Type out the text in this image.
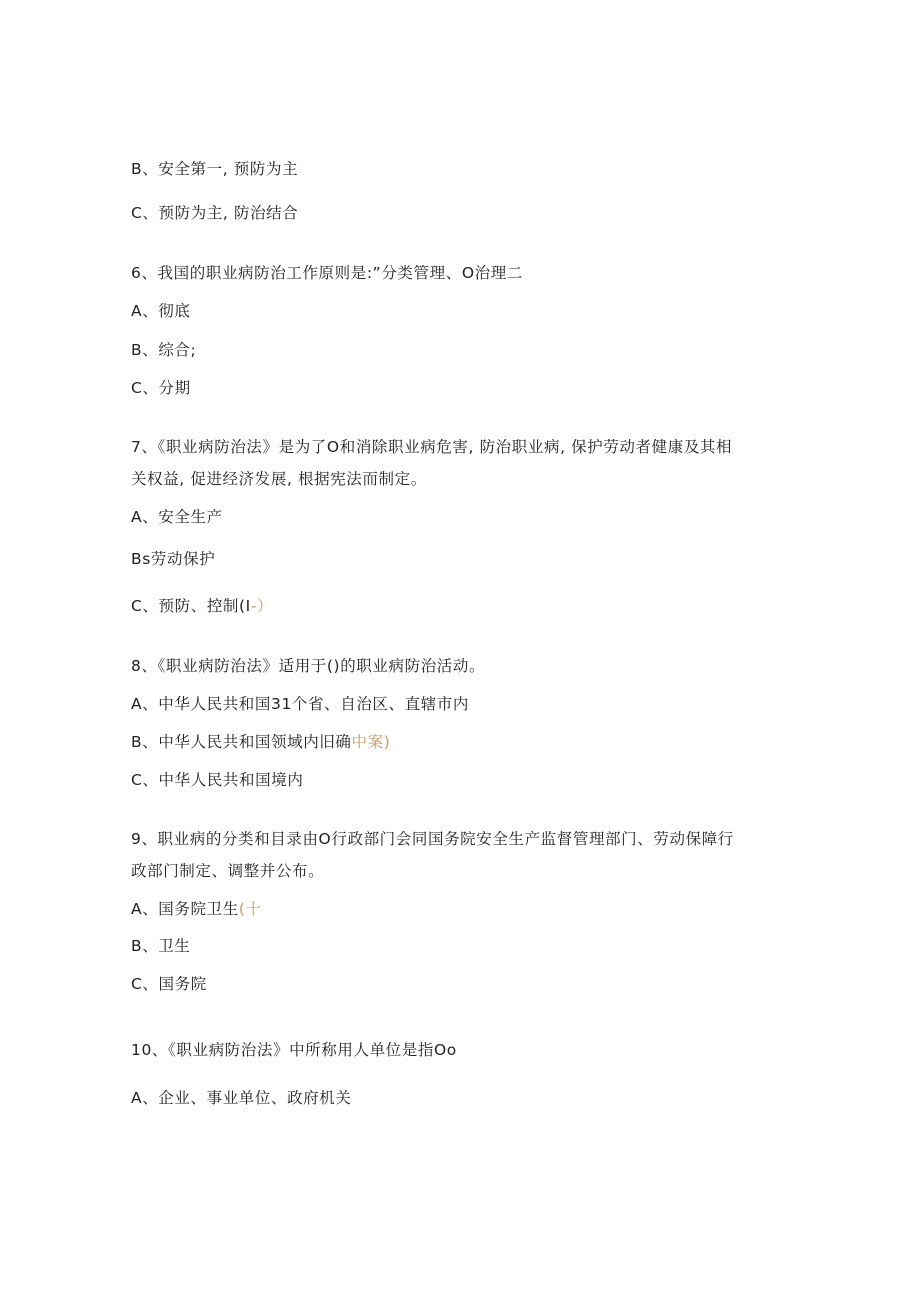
B、安全第一, 预防为主
C、预防为主, 防治结合
6、我国的职业病防治工作原则是:”分类管理、O治理二
A、彻底
B、综合;
C、分期
7、《职业病防治法》是为了O和消除职业病危害, 防治职业病, 保护劳动者健康及其相
关权益, 促进经济发展, 根据宪法而制定。
A、安全生产
Bs劳动保护
C、预防、控制(I-）
8、《职业病防治法》适用于()的职业病防治活动。
A、中华人民共和国31个省、自治区、直辖市内
B、中华人民共和国领域内旧确中案)
C、中华人民共和国境内
9、职业病的分类和目录由O行政部门会同国务院安全生产监督管理部门、劳动保障行
政部门制定、调整并公布。
A、国务院卫生(十
B、卫生
C、国务院
10、《职业病防治法》中所称用人单位是指Oo
A、企业、事业单位、政府机关
